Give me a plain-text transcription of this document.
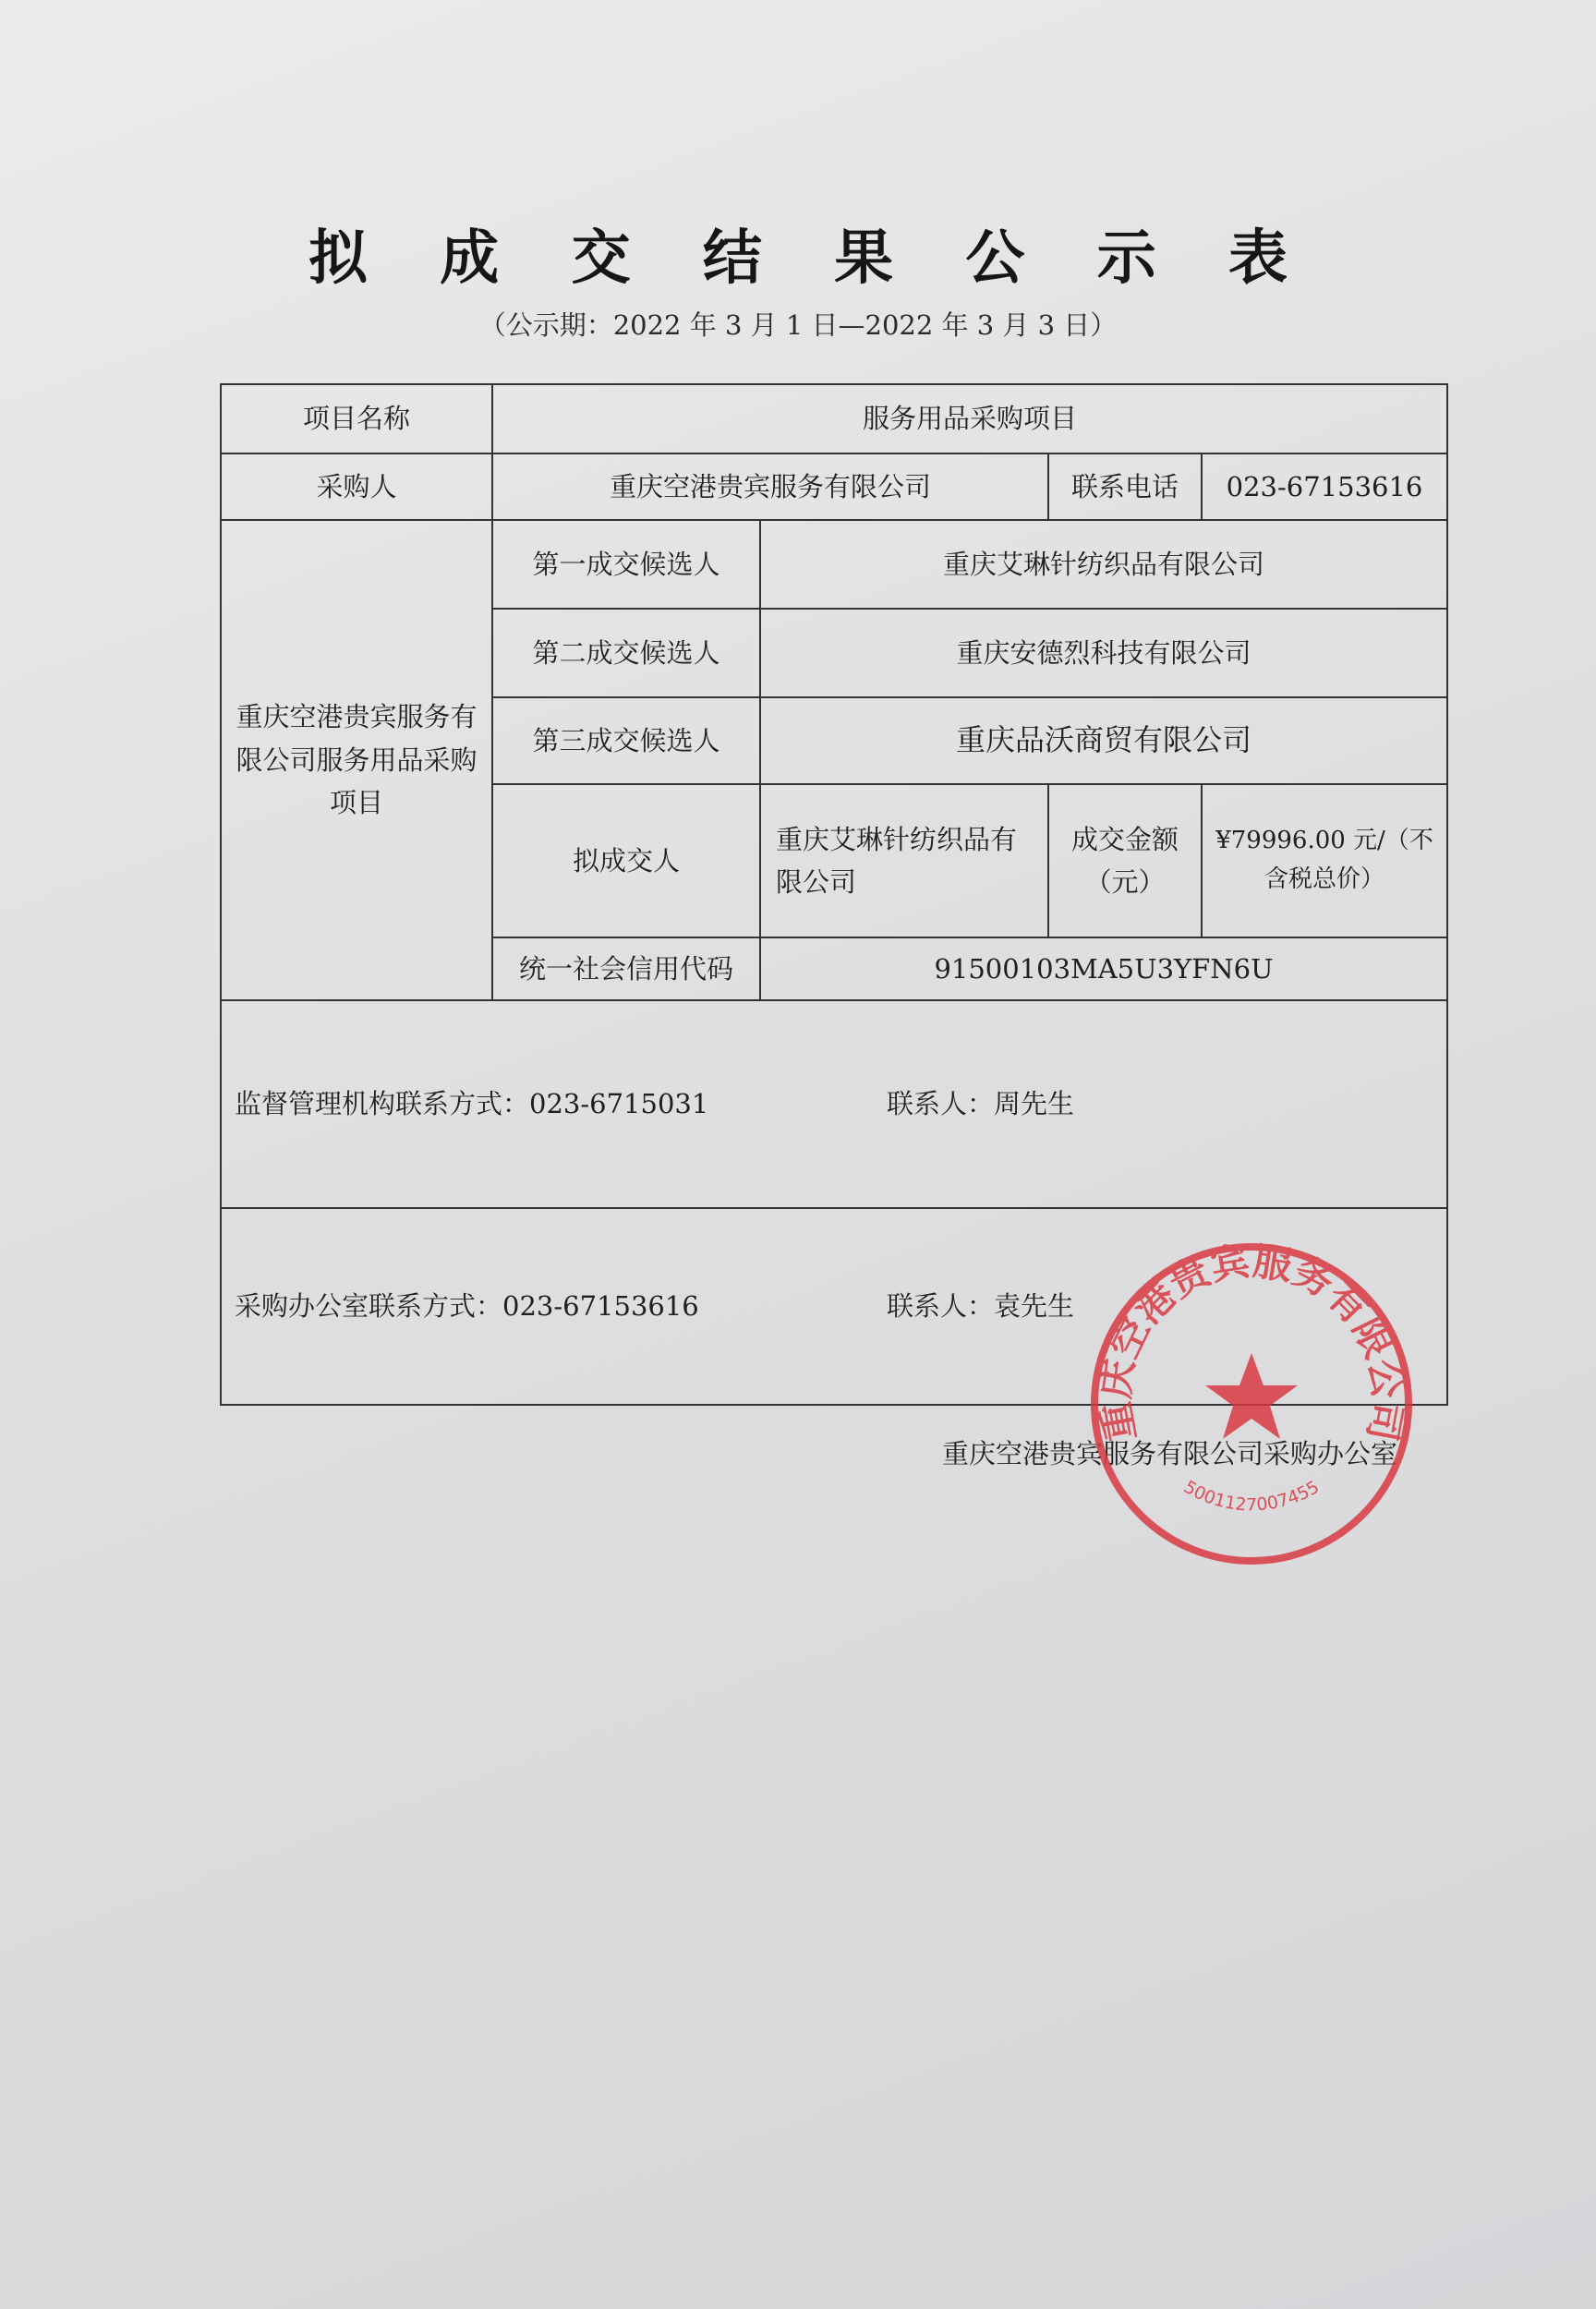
拟 成 交 结 果 公 示 表
（公示期：2022 年 3 月 1 日—2022 年 3 月 3 日）
项目名称	服务用品采购项目			
采购人	重庆空港贵宾服务有限公司		联系电话	023-67153616
重庆空港贵宾服务有限公司服务用品采购项目	第一成交候选人	重庆艾琳针纺织品有限公司		
	第二成交候选人	重庆安德烈科技有限公司		
	第三成交候选人	重庆品沃商贸有限公司		
	拟成交人	重庆艾琳针纺织品有限公司	成交金额（元）	¥79996.00 元/（不含税总价）
	统一社会信用代码	91500103MA5U3YFN6U		

监督管理机构联系方式：023-6715031 联系人：周先生				

采购办公室联系方式：023-67153616 联系人：袁先生				
重庆空港贵宾服务有限公司采购办公室
重庆空港贵宾服务有限公司
5001127007455
